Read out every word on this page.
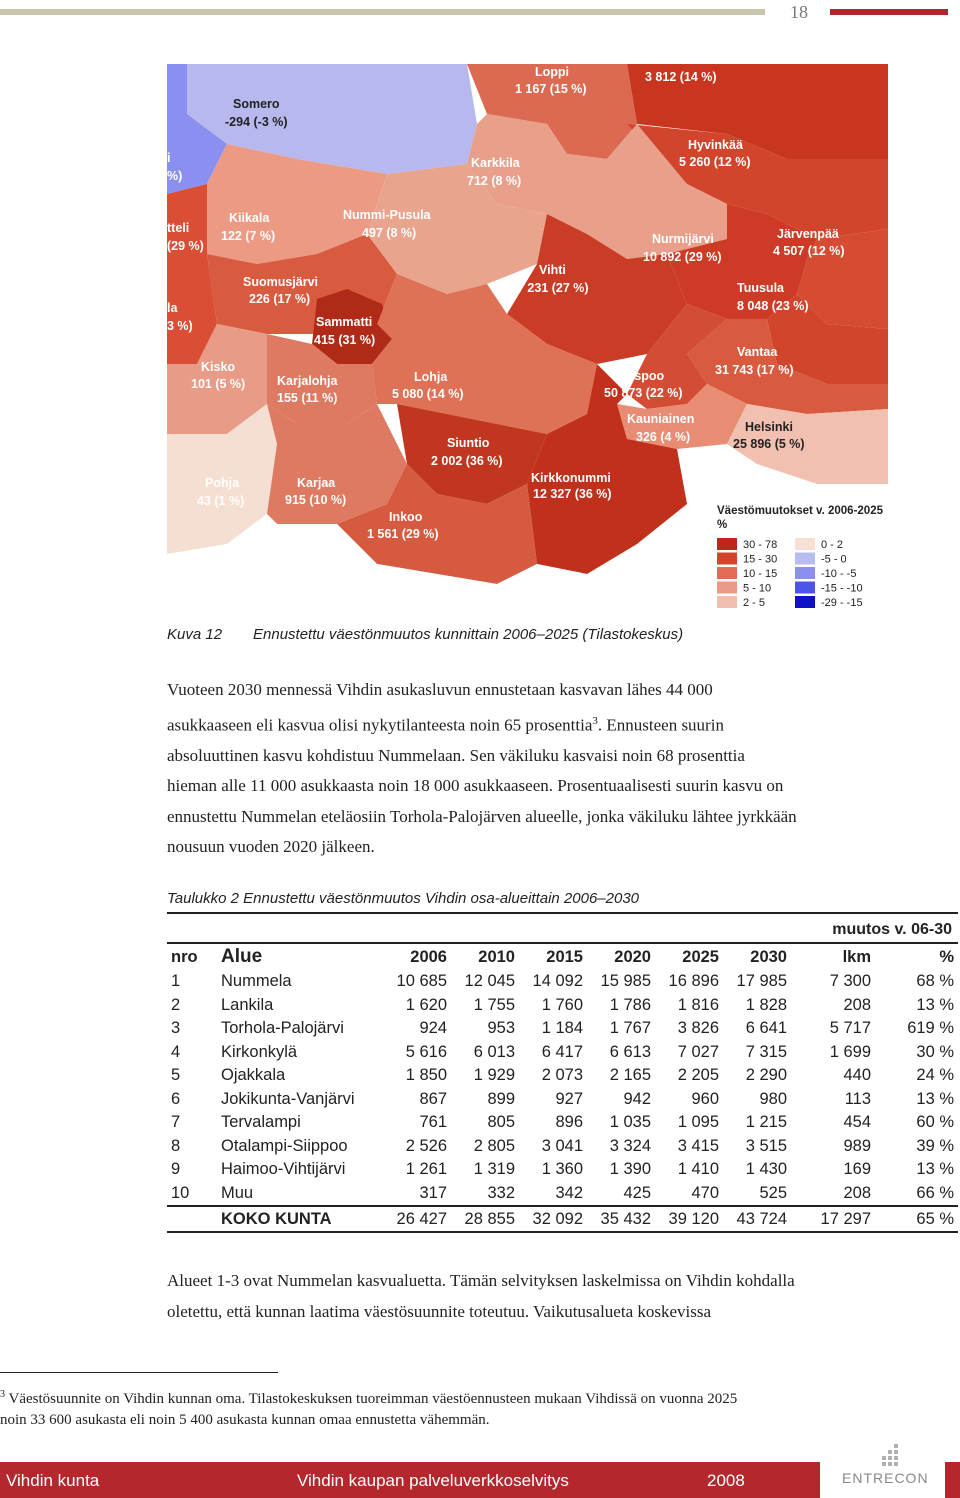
18
Loppi
1 167 (15 %)
3 812 (14 %)
Somero
-294 (-3 %)
Hyvinkää
5 260 (12 %)
Karkkila
712 (8 %)
Kiikala
122 (7 %)
Nummi-Pusula
497 (8 %)	Järvenpää
4 507 (12 %)
Nurmijärvi
10 892 (29 %)
Vihti
7 231 (27 %)
Suomusjärvi
226 (17 %)
Tuusula
8 048 (23 %)
Sammatti
415 (31 %)
Vantaa
31 743 (17 %)
Kisko
101 (5 %)	Karjalohja
155 (11 %)
Lohja
5 080 (14 %)
Espoo
50 873 (22 %)
Kauniainen
326 (4 %)
Helsinki
25 896 (5 %)
Siuntio
2 002 (36 %)
Pohja
43 (1 %)
Karjaa
915 (10 %)
Kirkkonummi
12 327 (36 %)
Inkoo
1 561 (29 %)
i
%)
tteli
(29 %)
la
3 %)
Väestömuutokset v. 2006-2025
%
30 - 78
15 - 30
10 - 15
5 - 10
2 - 5
0 - 2
-5 - 0
-10 - -5
-15 - -10
-29 - -15
Kuva 12 Ennustettu väestönmuutos kunnittain 2006–2025 (Tilastokeskus)
Vuoteen 2030 mennessä Vihdin asukasluvun ennustetaan kasvavan lähes 44 000
asukkaaseen eli kasvua olisi nykytilanteesta noin 65 prosenttia$^3$. Ennusteen suurin
absoluuttinen kasvu kohdistuu Nummelaan. Sen väkiluku kasvaisi noin 68 prosenttia
hieman alle 11 000 asukkaasta noin 18 000 asukkaaseen. Prosentuaalisesti suurin kasvu on
ennustettu Nummelan eteläosiin Torhola-Palojärven alueelle, jonka väkiluku lähtee jyrkkään
nousuun vuoden 2020 jälkeen.
Taulukko 2 Ennustettu väestönmuutos Vihdin osa-alueittain 2006–2030
muutos v. 06-30
nro	Alue	2006	2010	2015	2020	2025	2030	lkm	%
1	Nummela	10 685	12 045	14 092	15 985	16 896	17 985	7 300	68 %
2	Lankila	1 620	1 755	1 760	1 786	1 816	1 828	208	13 %
3	Torhola-Palojärvi	924	953	1 184	1 767	3 826	6 641	5 717	619 %
4	Kirkonkylä	5 616	6 013	6 417	6 613	7 027	7 315	1 699	30 %
5	Ojakkala	1 850	1 929	2 073	2 165	2 205	2 290	440	24 %
6	Jokikunta-Vanjärvi	867	899	927	942	960	980	113	13 %
7	Tervalampi	761	805	896	1 035	1 095	1 215	454	60 %
8	Otalampi-Siippoo	2 526	2 805	3 041	3 324	3 415	3 515	989	39 %
9	Haimoo-Vihtijärvi	1 261	1 319	1 360	1 390	1 410	1 430	169	13 %
10	Muu	317	332	342	425	470	525	208	66 %
	KOKO KUNTA	26 427	28 855	32 092	35 432	39 120	43 724	17 297	65 %
Alueet 1-3 ovat Nummelan kasvualuetta. Tämän selvityksen laskelmissa on Vihdin kohdalla
oletettu, että kunnan laatima väestösuunnite toteutuu. Vaikutusalueta koskevissa
$^3$ Väestösuunnite on Vihdin kunnan oma. Tilastokeskuksen tuoreimman väestöennusteen mukaan Vihdissä on vuonna 2025
noin 33 600 asukasta eli noin 5 400 asukasta kunnan omaa ennustetta vähemmän.
Vihdin kunta	Vihdin kaupan palveluverkkoselvitys	2008	ENTRECON
